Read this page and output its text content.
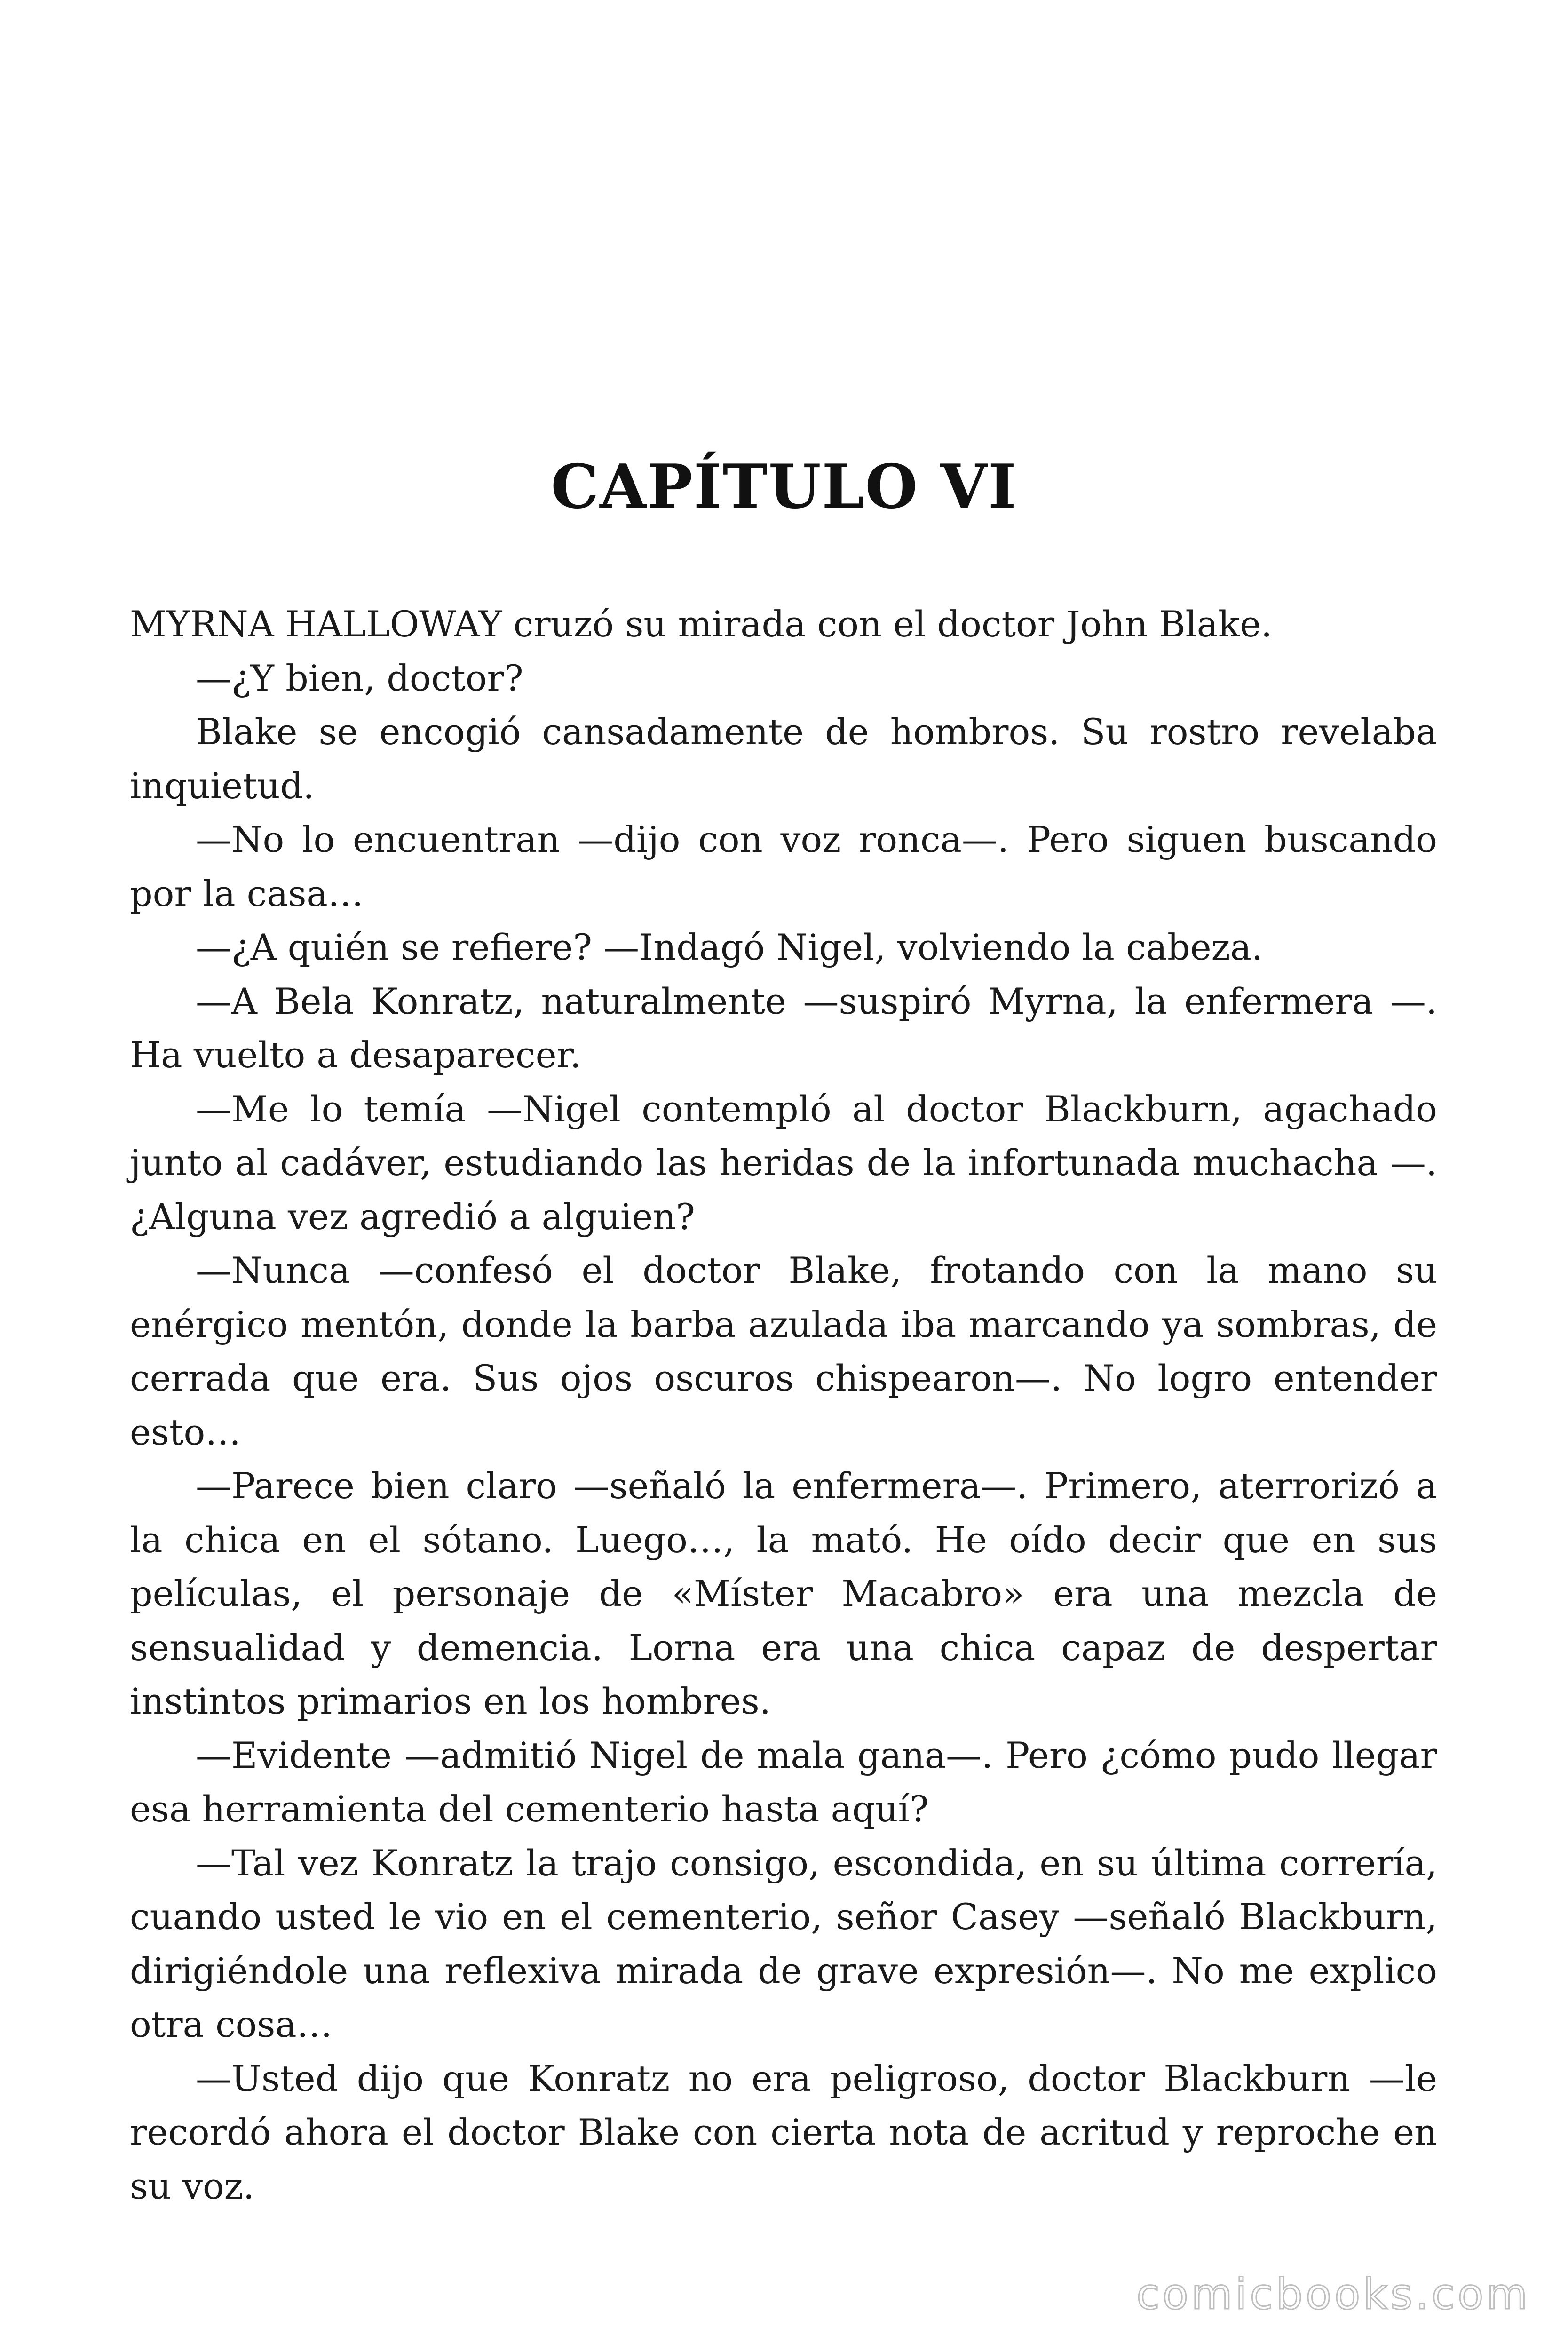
CAPÍTULO VI

MYRNA HALLOWAY cruzó su mirada con el doctor John Blake.

—¿Y bien, doctor?

Blake se encogió cansadamente de hombros. Su rostro revelaba inquietud.

—No lo encuentran —dijo con voz ronca—. Pero siguen buscando por la casa…

—¿A quién se refiere? —Indagó Nigel, volviendo la cabeza.

—A Bela Konratz, naturalmente —suspiró Myrna, la enfermera —. Ha vuelto a desaparecer.

—Me lo temía —Nigel contempló al doctor Blackburn, agachado junto al cadáver, estudiando las heridas de la infortunada muchacha —. ¿Alguna vez agredió a alguien?

—Nunca —confesó el doctor Blake, frotando con la mano su enérgico mentón, donde la barba azulada iba marcando ya sombras, de cerrada que era. Sus ojos oscuros chispearon—. No logro entender esto…

—Parece bien claro —señaló la enfermera—. Primero, aterrorizó a la chica en el sótano. Luego…, la mató. He oído decir que en sus películas, el personaje de «Míster Macabro» era una mezcla de sensualidad y demencia. Lorna era una chica capaz de despertar instintos primarios en los hombres.

—Evidente —admitió Nigel de mala gana—. Pero ¿cómo pudo llegar esa herramienta del cementerio hasta aquí?

—Tal vez Konratz la trajo consigo, escondida, en su última correría, cuando usted le vio en el cementerio, señor Casey —señaló Blackburn, dirigiéndole una reflexiva mirada de grave expresión—. No me explico otra cosa…

—Usted dijo que Konratz no era peligroso, doctor Blackburn —le recordó ahora el doctor Blake con cierta nota de acritud y reproche en su voz.

comicbooks.com
